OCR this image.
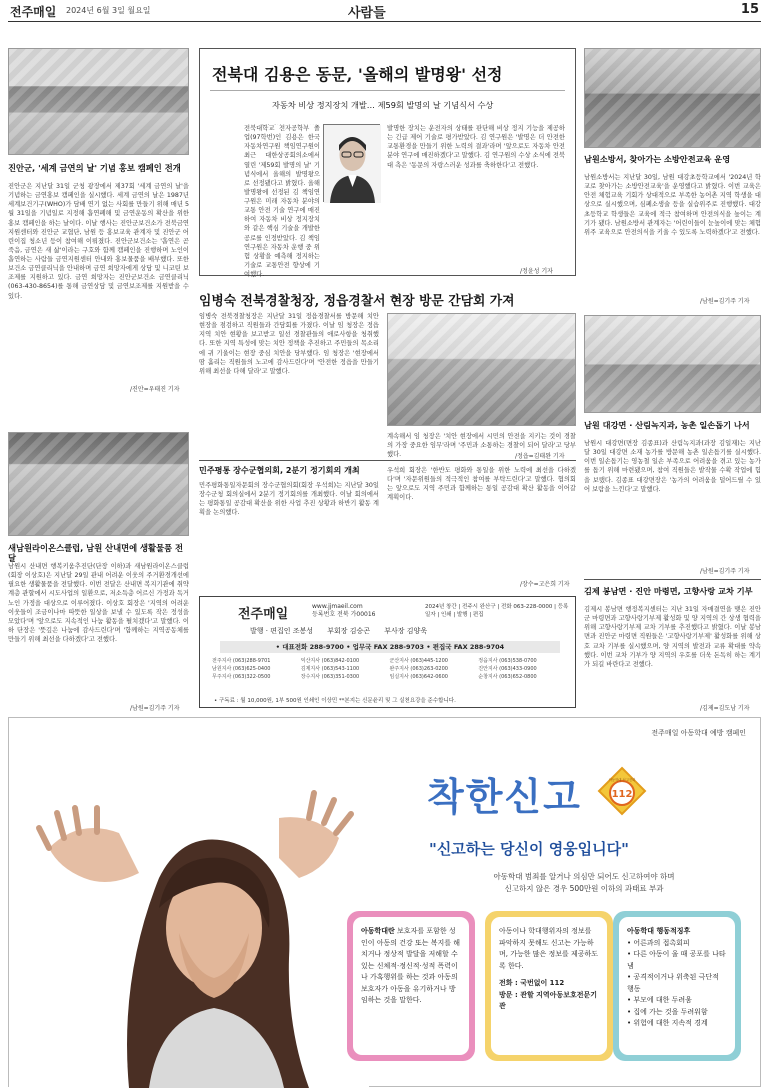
전주매일 2024년 6월 3일 월요일	사람들	15
진안군, '세계 금연의 날' 기념 홍보 캠페인 전개
진안군은 지난달 31일 군청 광장에서 제37회 '세계 금연의 날'을 기념하는 금연홍보 캠페인을 실시했다. 세계 금연의 날은 1987년 세계보건기구(WHO)가 담배 연기 없는 사회를 만들기 위해 매년 5월 31일을 기념일로 지정해 흡연폐해 및 금연운동의 확산을 위한 홍보 캠페인을 하는 날이다. 이날 행사는 진안군보건소가 전북금연지원센터와 진안군 교협단, 남원 등 홍보교육 관계자 및 진안군 어린이집 청소년 등이 참여해 이뤄졌다. 진안군보건소는 '흡연은 곧 죽음, 금연은 새 삶'이라는 구호와 함께 캠페인을 진행하며 노인이 흡연하는 사람들 금연지원센터 안내와 홍보물품을 배부했다. 또한 보건소 금연클리닉을 안내하며 금연 희망자에게 상담 및 니코틴 보조제를 지원하고 있다. 금연 희망자는 진안군보건소 금연클리닉(063-430-8654)를 통해 금연상담 및 금연보조제를 지원받을 수 있다.
/진안=우태진 기자
새남원라이온스클럽, 남원 산내면에 생활물품 전달
남원시 산내면 행복키움추진단(단장 이하)과 새남원라이온스클럽(회장 이상호)은 지난달 29일 관내 어려운 이웃의 주거환경개선에 필요한 생활물품을 전달했다. 이번 전달은 산내면 복지기관에 취약계층 관할에서 시도사업의 일환으로, 저소득층 어르신 가정과 독거노인 가정을 대상으로 이루어졌다. 이상호 회장은 '지역의 어려운 이웃들이 조금이나마 따뜻한 일상을 보낼 수 있도록 작은 정성을 모았다'며 '앞으로도 지속적인 나눔 활동을 펼치겠다'고 말했다. 이하 단장은 '뜻깊은 나눔에 감사드린다'며 '함께하는 지역공동체를 만들기 위해 최선을 다하겠다'고 전했다.
/남원=김기주 기자
전북대 김용은 동문, '올해의 발명왕' 선정
자동차 비상 정지장치 개발… 제59회 발명의 날 기념식서 수상
전북대학교 전자공학부 졸업(97학번)인 김용은 한국자동차연구원 책임연구원이 최근 대한상공회의소에서 열린 '제59회 발명의 날' 기념식에서 올해의 발명왕으로 선정됐다고 밝혔다. 올해 발명왕에 선정된 김 책임연구원은 미래 자동차 분야의 교통 안전 기술 연구에 매진하여 자동차 비상 정지장치와 같은 핵심 기술을 개발한 공로를 인정받았다. 김 책임연구원은 자동차 운행 중 위험 상황을 예측해 정지하는 기술로 교통안전 향상에 기여했다.
발명한 장치는 운전자의 상태를 판단해 비상 정지 기능을 제공하는 긴급 제어 기술로 평가받았다. 김 연구원은 '발명은 더 안전한 교통환경을 만들기 위한 노력의 결과'라며 '앞으로도 자동차 안전 분야 연구에 매진하겠다'고 말했다. 김 연구원의 수상 소식에 전북대 측은 '동문의 자랑스러운 성과를 축하한다'고 전했다.
/정윤성 기자
임병숙 전북경찰청장, 정읍경찰서 현장 방문 간담회 가져
임병숙 전북경찰청장은 지난달 31일 정읍경찰서를 방문해 치안 현장을 점검하고 직원들과 간담회를 가졌다. 이날 임 청장은 정읍 지역 치안 현황을 보고받고 일선 경찰관들의 애로사항을 청취했다. 또한 지역 특성에 맞는 치안 정책을 추진하고 주민들의 목소리에 귀 기울이는 현장 중심 치안을 당부했다. 임 청장은 '현장에서 땀 흘리는 직원들의 노고에 감사드린다'며 '안전한 정읍을 만들기 위해 최선을 다해 달라'고 말했다.
계속해서 임 청장은 '치안 현장에서 시민의 안전을 지키는 것이 경찰의 가장 중요한 임무'라며 '주민과 소통하는 경찰이 되어 달라'고 당부했다.	/정읍=김태완 기자
민주평통 장수군협의회, 2분기 정기회의 개최
민주평화통일자문회의 장수군협의회(회장 우석희)는 지난달 30일 장수군청 회의실에서 2분기 정기회의를 개최했다. 이날 회의에서는 평화통일 공감대 확산을 위한 사업 추진 상황과 하반기 활동 계획을 논의했다.
우석희 회장은 '한반도 평화와 통일을 위한 노력에 최선을 다하겠다'며 '자문위원들의 적극적인 참여를 부탁드린다'고 말했다. 협의회는 앞으로도 지역 주민과 함께하는 통일 공감대 확산 활동을 이어갈 계획이다.
/장수=고은희 기자
전주매일
www.jjmaeil.com
등록번호 전북 가00016
2024년 창간 | 전주시 완산구 | 전화 063-228-0000 | 등록일자 | 인쇄 | 발행 | 편집
발행 · 편집인 조봉성 부회장 김승곤 부사장 김양욱
• 대표전화 288-9700 • 업무국 FAX 288-9703 • 편집국 FAX 288-9704
전주지사 (063)288-9701	익산지사 (063)842-0100	군산지사 (063)445-1200	정읍지사 (063)538-0700
남원지사 (063)625-0400	김제지사 (063)543-1100	완주지사 (063)263-0200	진안지사 (063)433-0900
무주지사 (063)322-0500	장수지사 (063)351-0300	임실지사 (063)642-0600	순창지사 (063)652-0800
• 구독료 : 월 10,000원, 1부 500원 인쇄인 이상민 **본지는 신문윤리 및 그 실천요강을 준수합니다.
남원소방서, 찾아가는 소방안전교육 운영
남원소방서는 지난달 30일, 남원 대강초등학교에서 '2024년 학교로 찾아가는 소방안전교육'을 운영했다고 밝혔다. 이번 교육은 안전 체험교육 기회가 상대적으로 부족한 농어촌 지역 학생을 대상으로 실시했으며, 심폐소생술 등을 실습위주로 진행했다. 대강초등학교 학생들은 교육에 적극 참여하며 안전의식을 높이는 계기가 됐다. 남원소방서 관계자는 '어린이들이 눈높이에 맞는 체험 위주 교육으로 안전의식을 키울 수 있도록 노력하겠다'고 전했다.
/남원=김기주 기자
남원 대강면 · 산림녹지과, 농촌 일손돕기 나서
남원시 대강면(면장 김종표)과 산림녹지과(과장 김일재)는 지난달 30일 대강면 소재 농가를 방문해 농촌 일손돕기를 실시했다. 이번 일손돕기는 영농철 일손 부족으로 어려움을 겪고 있는 농가를 돕기 위해 마련됐으며, 참여 직원들은 밭작물 수확 작업에 힘을 보탰다. 김종표 대강면장은 '농가의 어려움을 덜어드릴 수 있어 보람을 느낀다'고 말했다.
/남원=김기주 기자
김제 봉남면 · 진안 마령면, 고향사랑 교차 기부
김제시 봉남면 행정복지센터는 지난 31일 자매결연을 맺은 진안군 마령면과 고향사랑기부제 활성화 및 양 지역의 간 상생 협력을 위해 고향사랑기부제 교차 기부를 추진했다고 밝혔다. 이날 봉남면과 진안군 마령면 직원들은 '고향사랑기부제' 활성화를 위해 상호 교차 기부를 실시했으며, 양 지역의 발전과 교류 확대를 약속했다. 이번 교차 기부가 양 지역의 우호를 더욱 돈독히 하는 계기가 되길 바란다고 전했다.
/김제=김도남 기자
전주매일 아동학대 예방 캠페인
착한신고	112
아동학대 신고전화
"신고하는 당신이 영웅입니다"
아동학대 범죄를 알거나 의심만 되어도 신고하여야 하며
신고하지 않은 경우 500만원 이하의 과태료 부과
아동학대란 보호자를 포함한 성인이 아동의 건강 또는 복지를 해치거나 정상적 발달을 저해할 수 있는 신체적·정신적·성적 폭력이나 가혹행위를 하는 것과 아동의 보호자가 아동을 유기하거나 방임하는 것을 말한다.
아동이나 학대행위자의 정보를 파악하지 못해도 신고는 가능하며, 가능한 많은 정보를 제공하도록 한다.
전화 : 국번없이 112
방문 : 관할 지역아동보호전문기관
아동학대 행동적징후
• 어른과의 접촉회피
• 다른 아동이 울 때 공포를 나타냄
• 공격적이거나 위축된 극단적 행동
• 부모에 대한 두려움
• 집에 가는 것을 두려워함
• 위험에 대한 지속적 경계
